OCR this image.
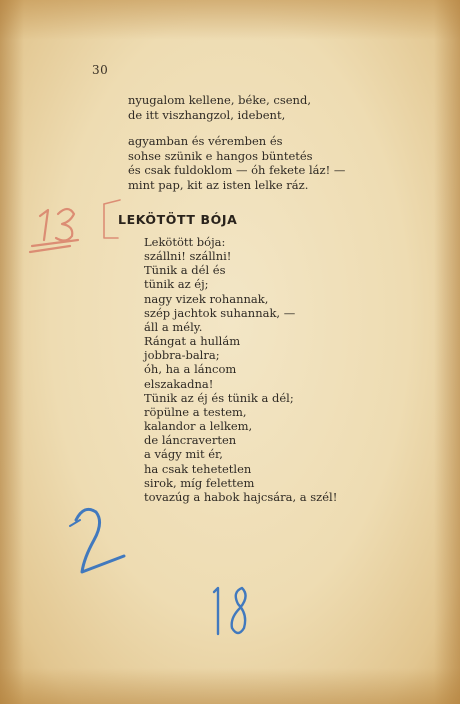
30
nyugalom kellene, béke, csend,
de itt viszhangzol, idebent,
agyamban és véremben és
sohse szünik e hangos büntetés
és csak fuldoklom — óh fekete láz! —
mint pap, kit az isten lelke ráz.
LEKÖTÖTT BÓJA
Lekötött bója:
szállni! szállni!
Tünik a dél és
tünik az éj;
nagy vizek rohannak,
szép jachtok suhannak, —
áll a mély.
Rángat a hullám
jobbra-balra;
óh, ha a láncom
elszakadna!
Tünik az éj és tünik a dél;
röpülne a testem,
kalandor a lelkem,
de láncraverten
a vágy mit ér,
ha csak tehetetlen
sirok, míg felettem
tovazúg a habok hajcsára, a szél!
